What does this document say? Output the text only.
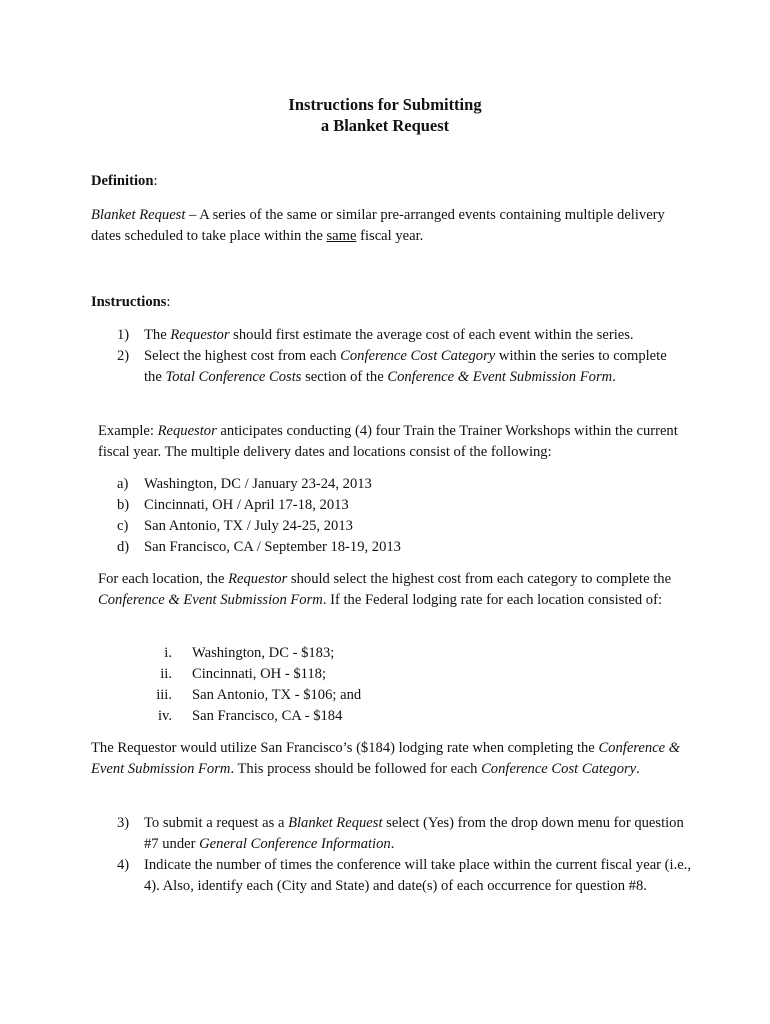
Instructions for Submitting
a Blanket Request
Definition:
Blanket Request – A series of the same or similar pre-arranged events containing multiple delivery dates scheduled to take place within the same fiscal year.
Instructions:
1)	The Requestor should first estimate the average cost of each event within the series.
2)	Select the highest cost from each Conference Cost Category within the series to complete the Total Conference Costs section of the Conference & Event Submission Form.
Example: Requestor anticipates conducting (4) four Train the Trainer Workshops within the current fiscal year. The multiple delivery dates and locations consist of the following:
a) Washington, DC / January 23-24, 2013
b) Cincinnati, OH / April 17-18, 2013
c) San Antonio, TX / July 24-25, 2013
d) San Francisco, CA / September 18-19, 2013
For each location, the Requestor should select the highest cost from each category to complete the Conference & Event Submission Form. If the Federal lodging rate for each location consisted of:
i. Washington, DC - $183;
ii. Cincinnati, OH - $118;
iii. San Antonio, TX - $106; and
iv. San Francisco, CA - $184
The Requestor would utilize San Francisco’s ($184) lodging rate when completing the Conference & Event Submission Form. This process should be followed for each Conference Cost Category.
3)	To submit a request as a Blanket Request select (Yes) from the drop down menu for question #7 under General Conference Information.
4)	Indicate the number of times the conference will take place within the current fiscal year (i.e., 4). Also, identify each (City and State) and date(s) of each occurrence for question #8.
